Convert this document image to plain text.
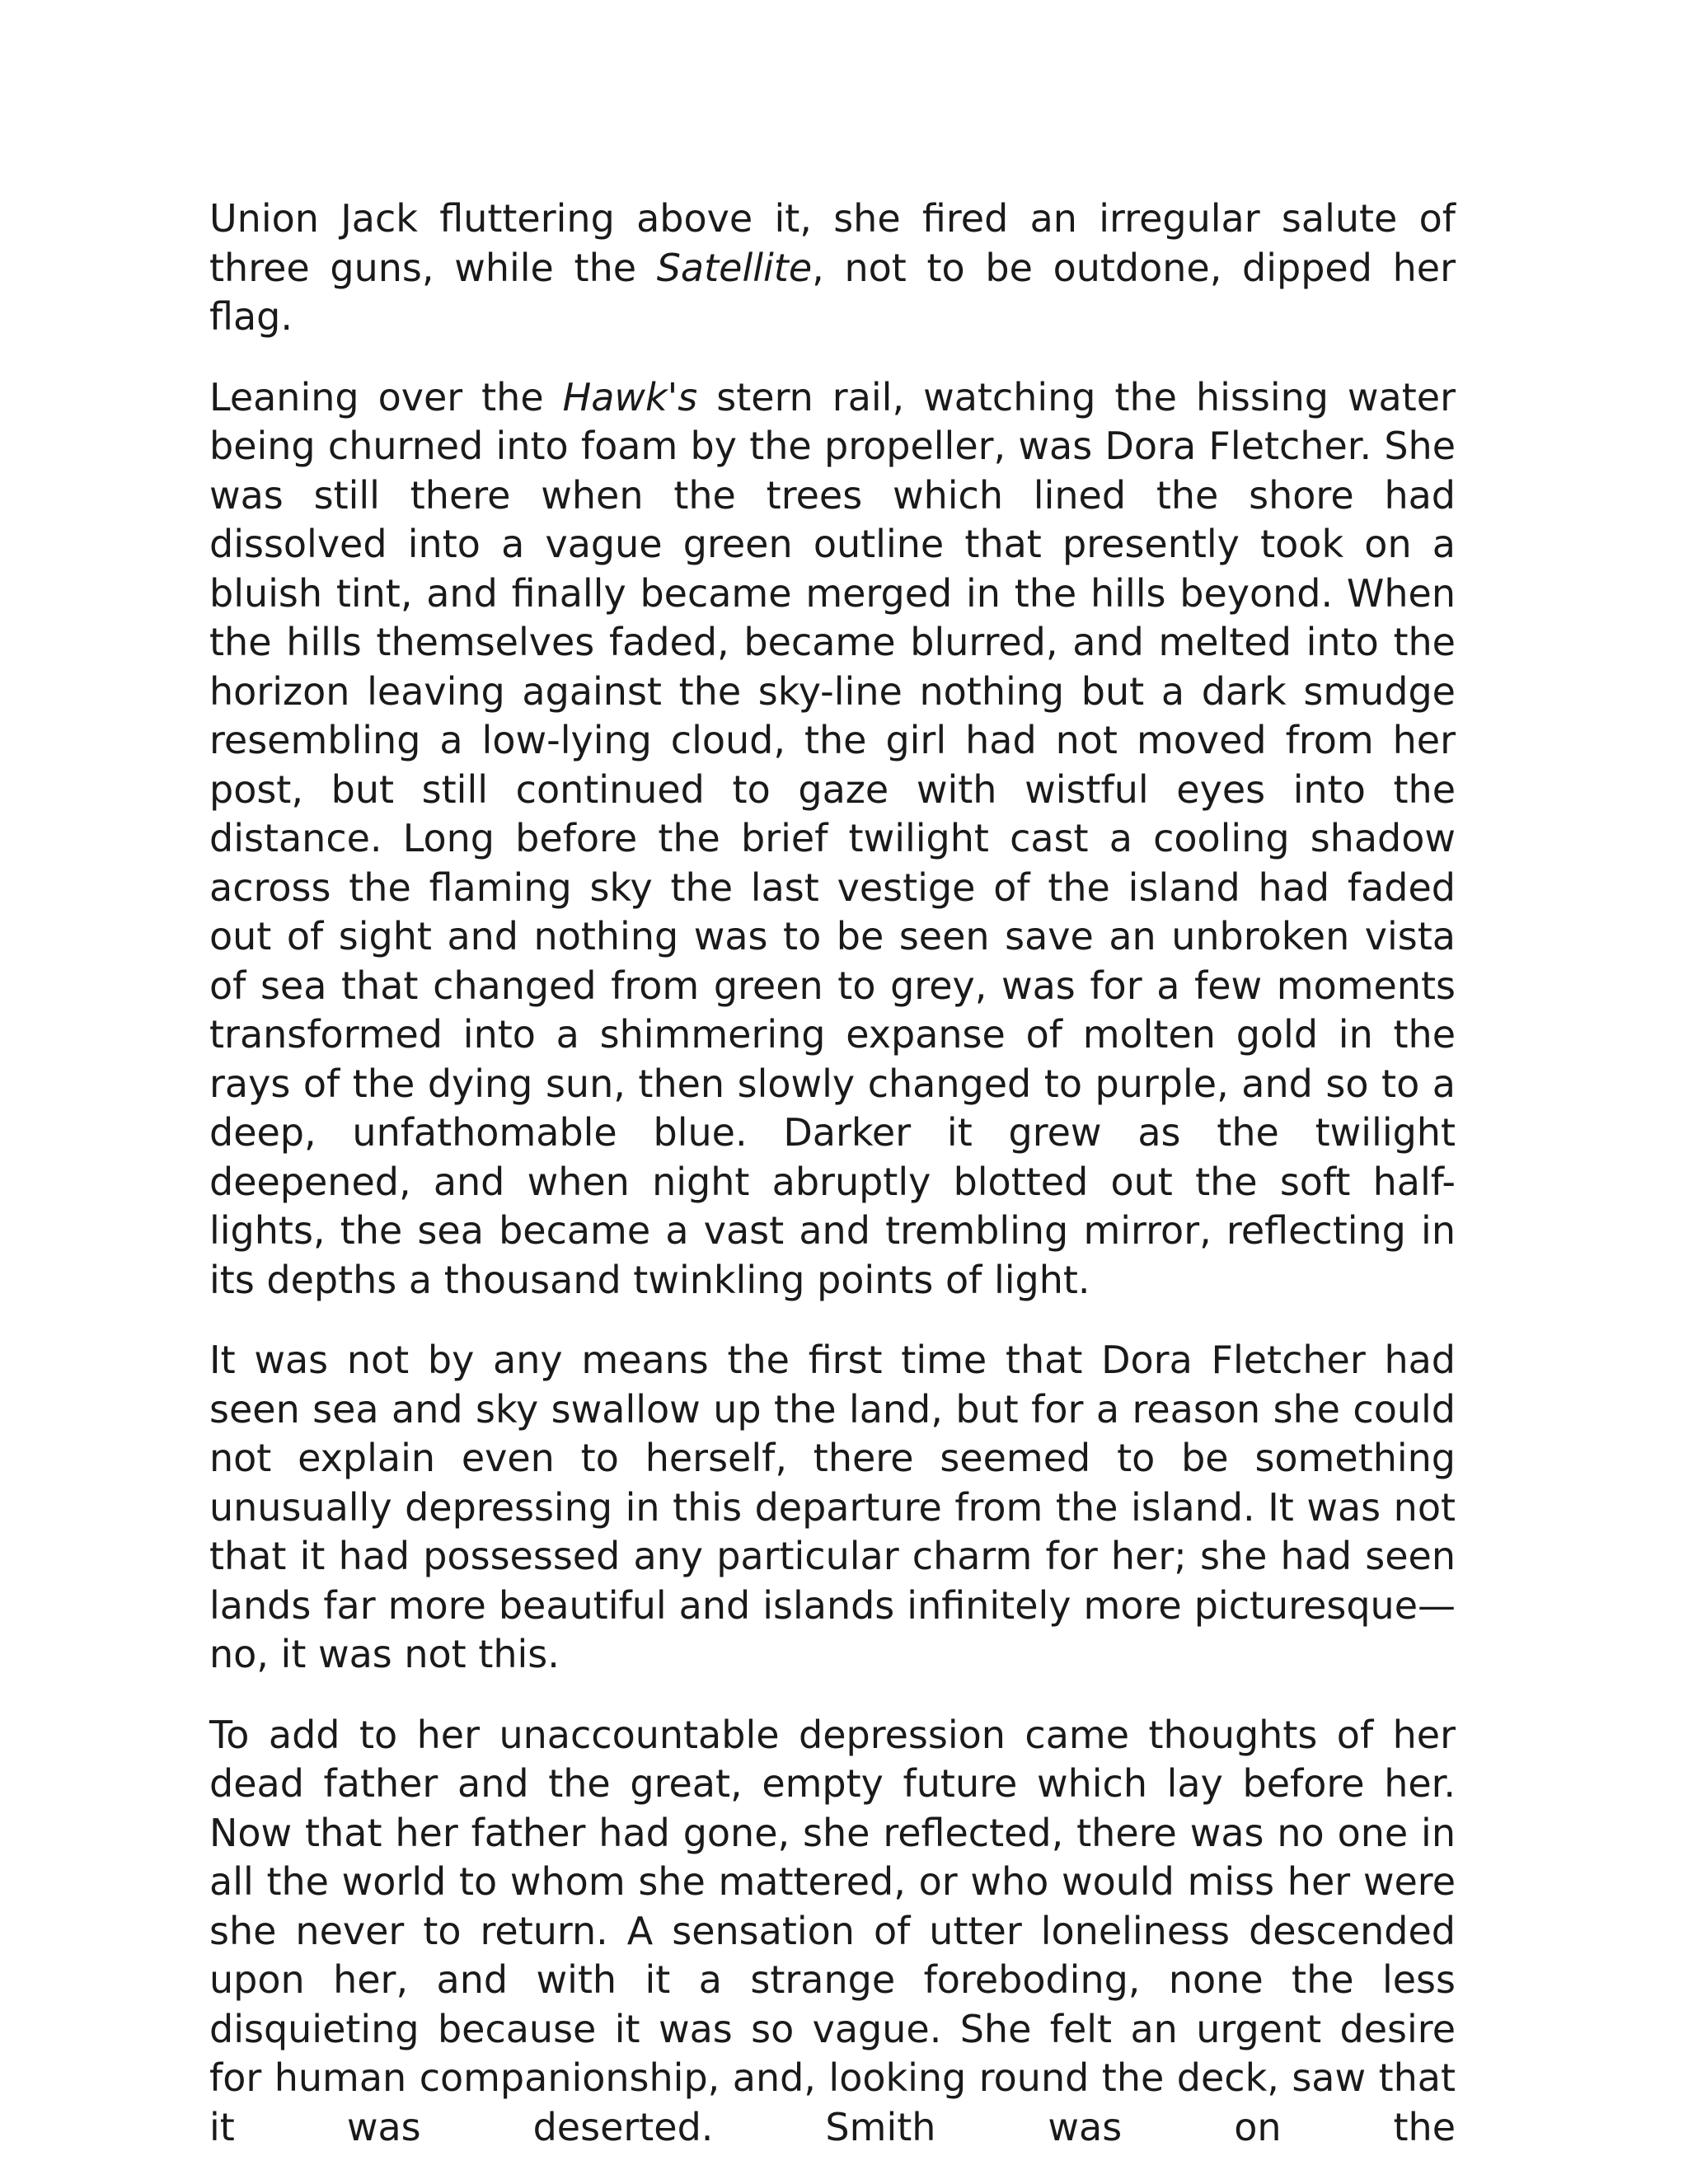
Union Jack fluttering above it, she fired an irregular salute of three guns, while the Satellite, not to be outdone, dipped her flag.

Leaning over the Hawk's stern rail, watching the hissing water being churned into foam by the propeller, was Dora Fletcher. She was still there when the trees which lined the shore had dissolved into a vague green outline that presently took on a bluish tint, and finally became merged in the hills beyond. When the hills themselves faded, became blurred, and melted into the horizon leaving against the sky-line nothing but a dark smudge resembling a low-lying cloud, the girl had not moved from her post, but still continued to gaze with wistful eyes into the distance. Long before the brief twilight cast a cooling shadow across the flaming sky the last vestige of the island had faded out of sight and nothing was to be seen save an unbroken vista of sea that changed from green to grey, was for a few moments transformed into a shimmering expanse of molten gold in the rays of the dying sun, then slowly changed to purple, and so to a deep, unfathomable blue. Darker it grew as the twilight deepened, and when night abruptly blotted out the soft half-lights, the sea became a vast and trembling mirror, reflecting in its depths a thousand twinkling points of light.

It was not by any means the first time that Dora Fletcher had seen sea and sky swallow up the land, but for a reason she could not explain even to herself, there seemed to be something unusually depressing in this departure from the island. It was not that it had possessed any particular charm for her; she had seen lands far more beautiful and islands infinitely more picturesque—no, it was not this.

To add to her unaccountable depression came thoughts of her dead father and the great, empty future which lay before her. Now that her father had gone, she reflected, there was no one in all the world to whom she mattered, or who would miss her were she never to return. A sensation of utter loneliness descended upon her, and with it a strange foreboding, none the less disquieting because it was so vague. She felt an urgent desire for human companionship, and, looking round the deck, saw that it was deserted. Smith was on the
